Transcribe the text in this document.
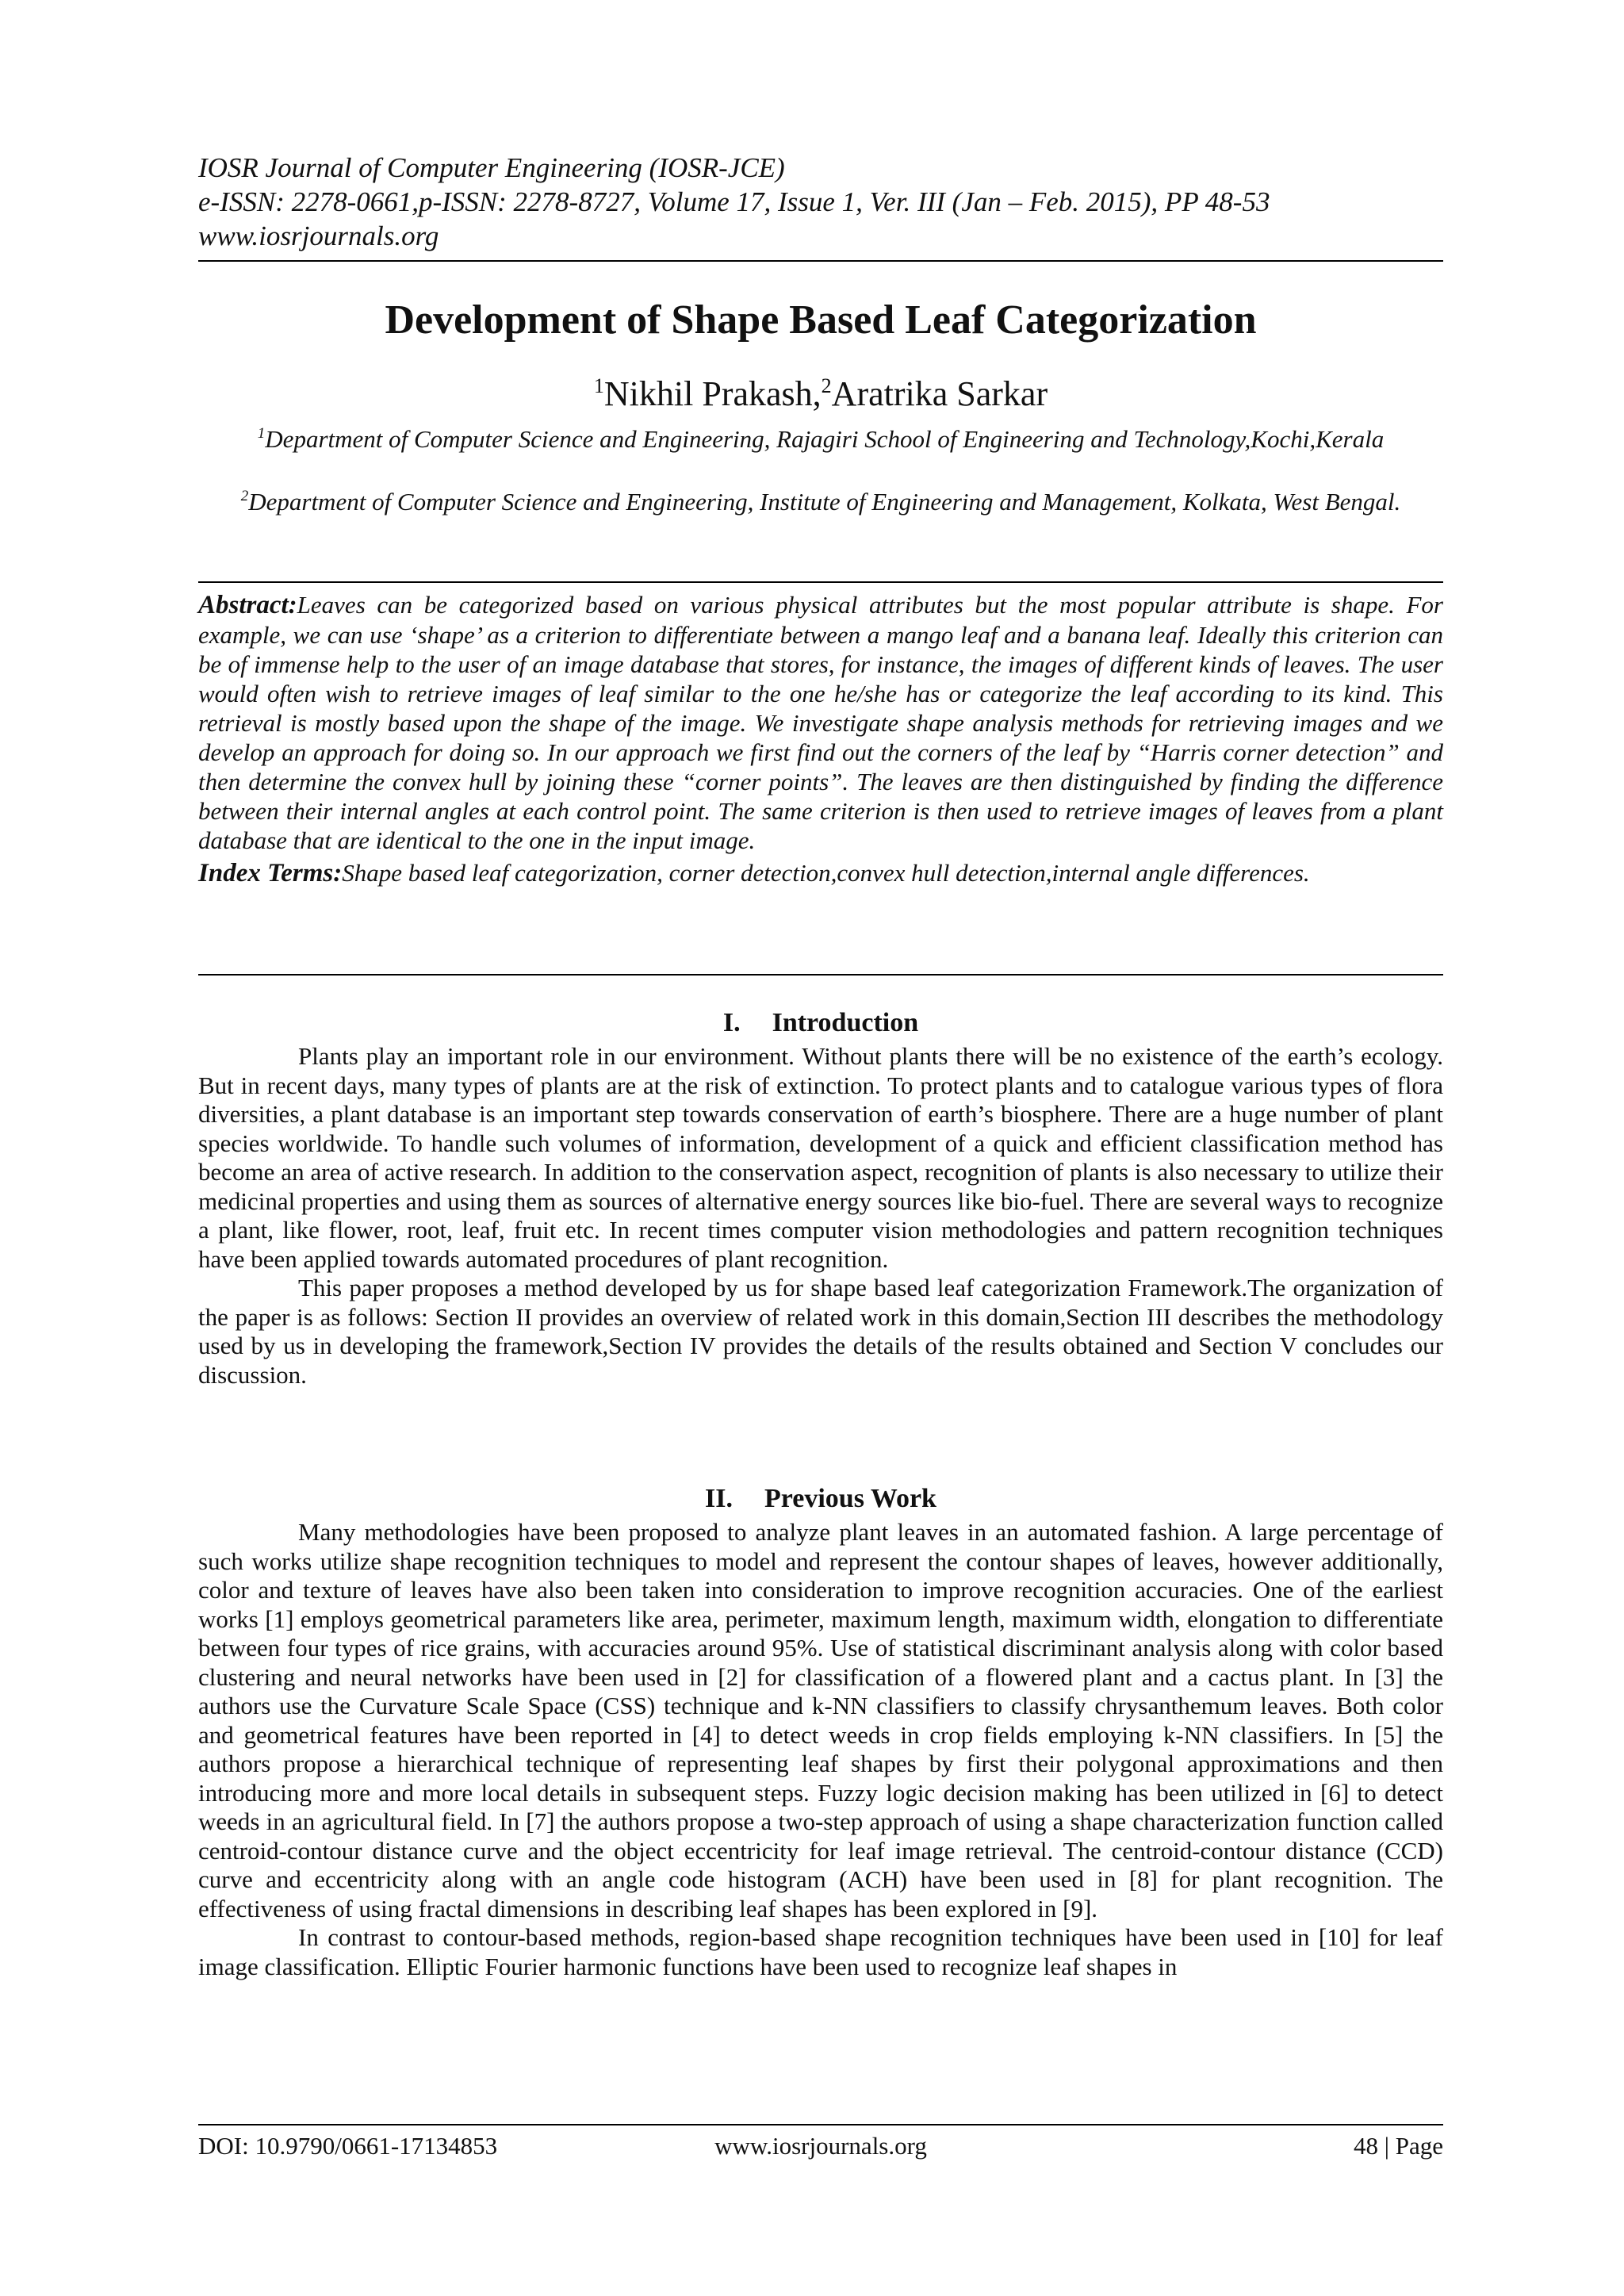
IOSR Journal of Computer Engineering (IOSR-JCE)
e-ISSN: 2278-0661,p-ISSN: 2278-8727, Volume 17, Issue 1, Ver. III (Jan – Feb. 2015), PP 48-53
www.iosrjournals.org
Development of Shape Based Leaf Categorization
$^1$Nikhil Prakash,$^2$Aratrika Sarkar
$^1$Department of Computer Science and Engineering, Rajagiri School of Engineering and Technology,Kochi,Kerala
$^2$Department of Computer Science and Engineering, Institute of Engineering and Management, Kolkata, West Bengal.

Abstract:Leaves can be categorized based on various physical attributes but the most popular attribute is shape. For example, we can use ‘shape’ as a criterion to differentiate between a mango leaf and a banana leaf. Ideally this criterion can be of immense help to the user of an image database that stores, for instance, the images of different kinds of leaves. The user would often wish to retrieve images of leaf similar to the one he/she has or categorize the leaf according to its kind. This retrieval is mostly based upon the shape of the image. We investigate shape analysis methods for retrieving images and we develop an approach for doing so. In our approach we first find out the corners of the leaf by “Harris corner detection” and then determine the convex hull by joining these “corner points”. The leaves are then distinguished by finding the difference between their internal angles at each control point. The same criterion is then used to retrieve images of leaves from a plant database that are identical to the one in the input image.

Index Terms:Shape based leaf categorization, corner detection,convex hull detection,internal angle differences.

I. Introduction

Plants play an important role in our environment. Without plants there will be no existence of the earth’s ecology. But in recent days, many types of plants are at the risk of extinction. To protect plants and to catalogue various types of flora diversities, a plant database is an important step towards conservation of earth’s biosphere. There are a huge number of plant species worldwide. To handle such volumes of information, development of a quick and efficient classification method has become an area of active research. In addition to the conservation aspect, recognition of plants is also necessary to utilize their medicinal properties and using them as sources of alternative energy sources like bio-fuel. There are several ways to recognize a plant, like flower, root, leaf, fruit etc. In recent times computer vision methodologies and pattern recognition techniques have been applied towards automated procedures of plant recognition.

This paper proposes a method developed by us for shape based leaf categorization Framework.The organization of the paper is as follows: Section II provides an overview of related work in this domain,Section III describes the methodology used by us in developing the framework,Section IV provides the details of the results obtained and Section V concludes our discussion.

II. Previous Work

Many methodologies have been proposed to analyze plant leaves in an automated fashion. A large percentage of such works utilize shape recognition techniques to model and represent the contour shapes of leaves, however additionally, color and texture of leaves have also been taken into consideration to improve recognition accuracies. One of the earliest works [1] employs geometrical parameters like area, perimeter, maximum length, maximum width, elongation to differentiate between four types of rice grains, with accuracies around 95%. Use of statistical discriminant analysis along with color based clustering and neural networks have been used in [2] for classification of a flowered plant and a cactus plant. In [3] the authors use the Curvature Scale Space (CSS) technique and k-NN classifiers to classify chrysanthemum leaves. Both color and geometrical features have been reported in [4] to detect weeds in crop fields employing k-NN classifiers. In [5] the authors propose a hierarchical technique of representing leaf shapes by first their polygonal approximations and then introducing more and more local details in subsequent steps. Fuzzy logic decision making has been utilized in [6] to detect weeds in an agricultural field. In [7] the authors propose a two-step approach of using a shape characterization function called centroid-contour distance curve and the object eccentricity for leaf image retrieval. The centroid-contour distance (CCD) curve and eccentricity along with an angle code histogram (ACH) have been used in [8] for plant recognition. The effectiveness of using fractal dimensions in describing leaf shapes has been explored in [9].

In contrast to contour-based methods, region-based shape recognition techniques have been used in [10] for leaf image classification. Elliptic Fourier harmonic functions have been used to recognize leaf shapes in

DOI: 10.9790/0661-17134853	www.iosrjournals.org	48 | Page
